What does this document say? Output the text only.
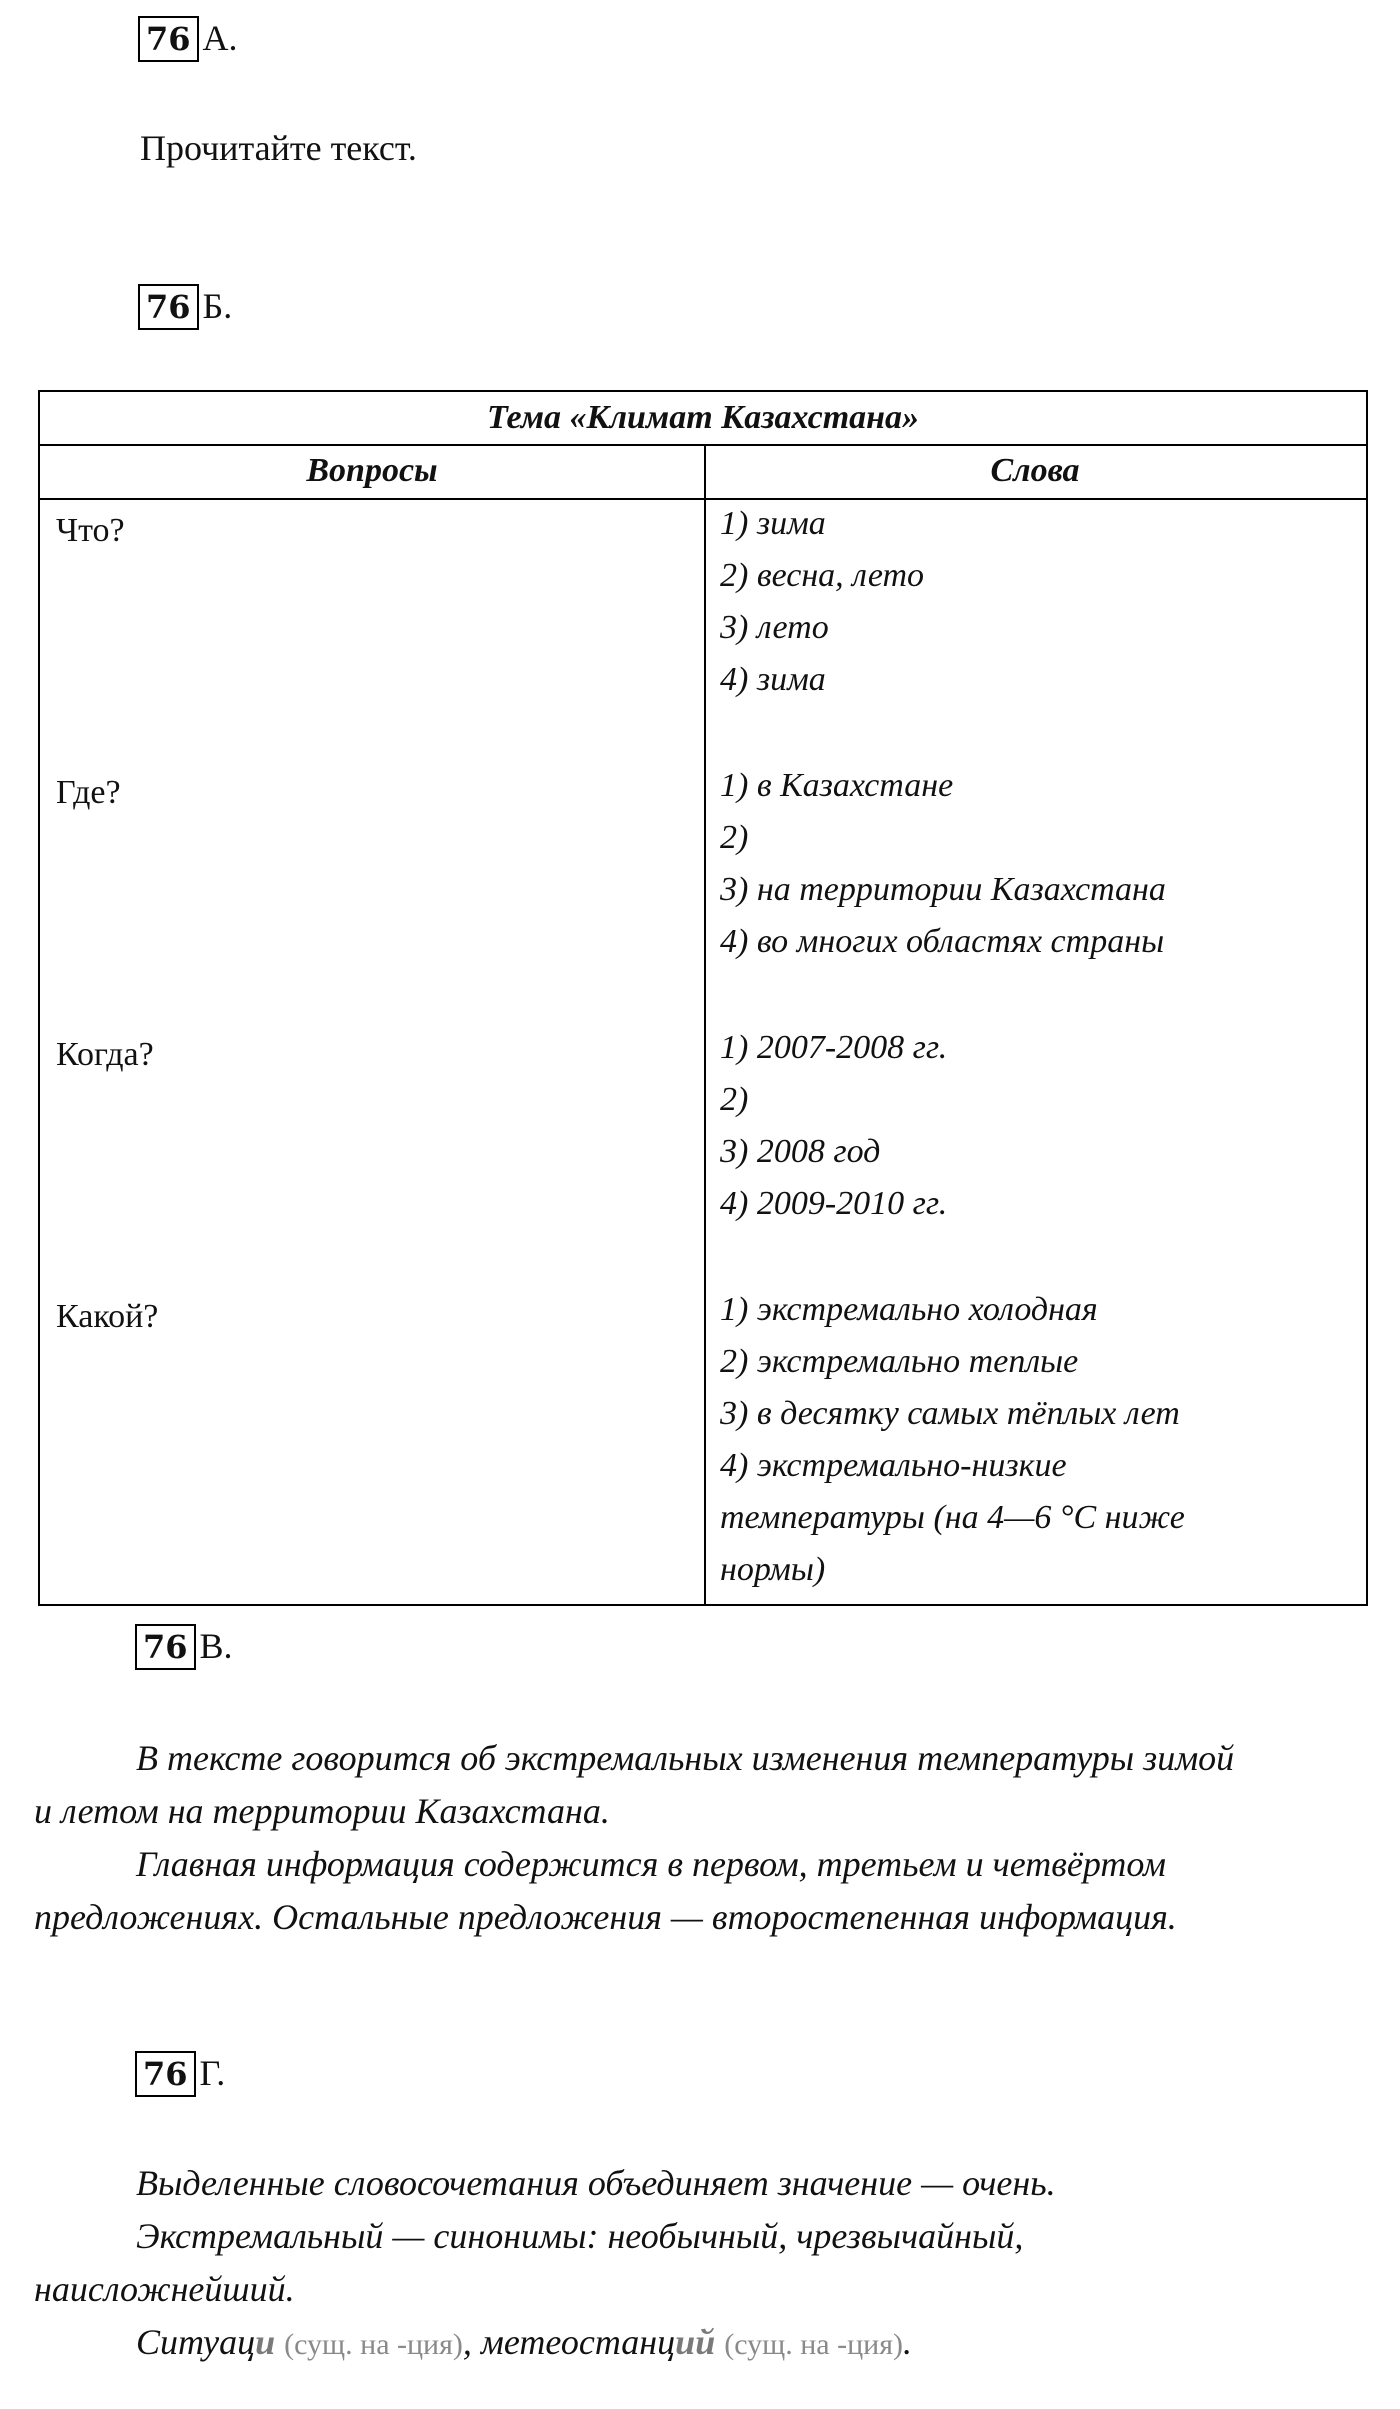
76 А.
Прочитайте текст.
76 Б.
Тема «Климат Казахстана»
Вопросы	Слова
Что?	1) зима
2) весна, лето
3) лето
4) зима
Где?	1) в Казахстане
2)
3) на территории Казахстана
4) во многих областях страны
Когда?	1) 2007-2008 гг.
2)
3) 2008 год
4) 2009-2010 гг.
Какой?	1) экстремально холодная
2) экстремально теплые
3) в десятку самых тёплых лет
4) экстремально-низкие
температуры (на 4—6 °С ниже
нормы)
76 В.
В тексте говорится об экстремальных изменения температуры зимой
и летом на территории Казахстана.
Главная информация содержится в первом, третьем и четвёртом
предложениях. Остальные предложения — второстепенная информация.
76 Г.
Выделенные словосочетания объединяет значение — очень.
Экстремальный — синонимы: необычный, чрезвычайный,
наисложнейший.
Ситуаци (сущ. на -ция), метеостанций (сущ. на -ция).
